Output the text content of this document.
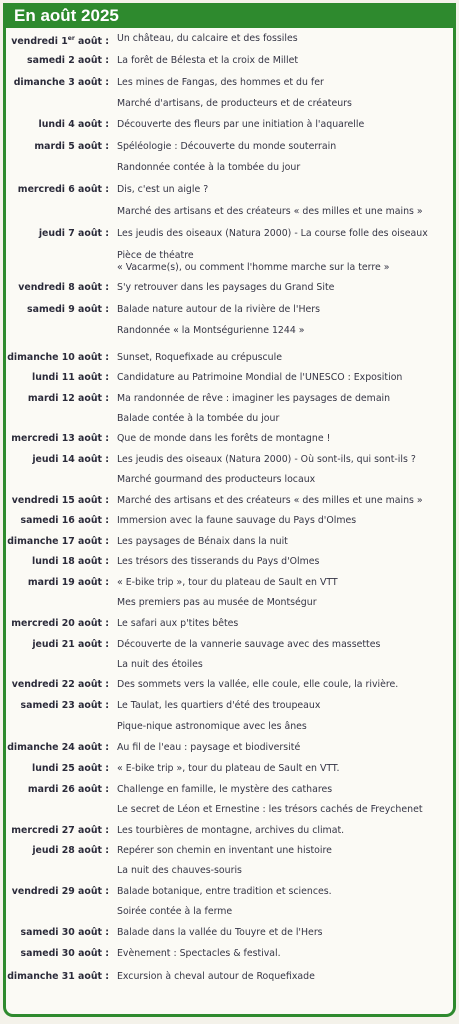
En août 2025
vendredi 1er août : Un château, du calcaire et des fossiles
samedi 2 août : La forêt de Bélesta et la croix de Millet
dimanche 3 août : Les mines de Fangas, des hommes et du fer
Marché d'artisans, de producteurs et de créateurs
lundi 4 août : Découverte des fleurs par une initiation à l'aquarelle
mardi 5 août : Spéléologie : Découverte du monde souterrain
Randonnée contée à la tombée du jour
mercredi 6 août : Dis, c'est un aigle ?
Marché des artisans et des créateurs « des milles et une mains »
jeudi 7 août : Les jeudis des oiseaux (Natura 2000) - La course folle des oiseaux
Pièce de théatre
« Vacarme(s), ou comment l'homme marche sur la terre »
vendredi 8 août : S'y retrouver dans les paysages du Grand Site
samedi 9 août : Balade nature autour de la rivière de l'Hers
Randonnée « la Montségurienne 1244 »
dimanche 10 août : Sunset, Roquefixade au crépuscule
lundi 11 août : Candidature au Patrimoine Mondial de l'UNESCO : Exposition
mardi 12 août : Ma randonnée de rêve : imaginer les paysages de demain
Balade contée à la tombée du jour
mercredi 13 août : Que de monde dans les forêts de montagne !
jeudi 14 août : Les jeudis des oiseaux (Natura 2000) - Où sont-ils, qui sont-ils ?
Marché gourmand des producteurs locaux
vendredi 15 août : Marché des artisans et des créateurs « des milles et une mains »
samedi 16 août : Immersion avec la faune sauvage du Pays d'Olmes
dimanche 17 août : Les paysages de Bénaix dans la nuit
lundi 18 août : Les trésors des tisserands du Pays d'Olmes
mardi 19 août : « E-bike trip », tour du plateau de Sault en VTT
Mes premiers pas au musée de Montségur
mercredi 20 août : Le safari aux p'tites bêtes
jeudi 21 août : Découverte de la vannerie sauvage avec des massettes
La nuit des étoiles
vendredi 22 août : Des sommets vers la vallée, elle coule, elle coule, la rivière.
samedi 23 août : Le Taulat, les quartiers d'été des troupeaux
Pique-nique astronomique avec les ânes
dimanche 24 août : Au fil de l'eau : paysage et biodiversité
lundi 25 août : « E-bike trip », tour du plateau de Sault en VTT.
mardi 26 août : Challenge en famille, le mystère des cathares
Le secret de Léon et Ernestine : les trésors cachés de Freychenet
mercredi 27 août : Les tourbières de montagne, archives du climat.
jeudi 28 août : Repérer son chemin en inventant une histoire
La nuit des chauves-souris
vendredi 29 août : Balade botanique, entre tradition et sciences.
Soirée contée à la ferme
samedi 30 août : Balade dans la vallée du Touyre et de l'Hers
samedi 30 août : Evènement : Spectacles & festival.
dimanche 31 août : Excursion à cheval autour de Roquefixade
